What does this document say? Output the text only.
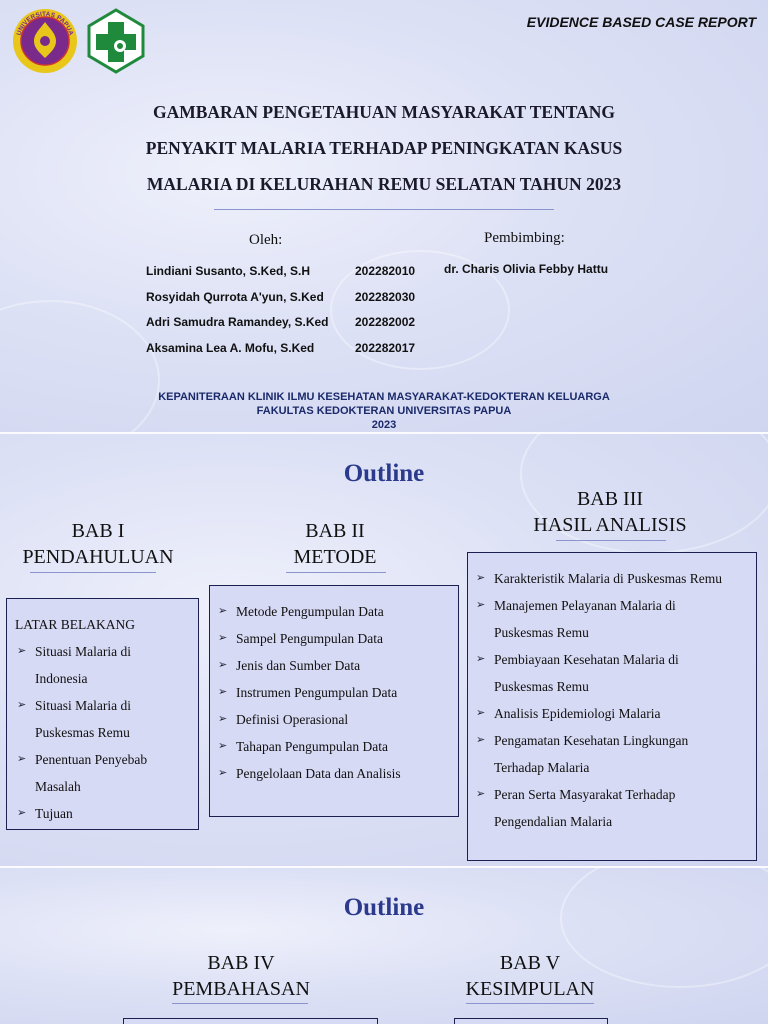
UNIVERSITAS PAPUA
EVIDENCE BASED CASE REPORT
GAMBARAN PENGETAHUAN MASYARAKAT TENTANG
PENYAKIT MALARIA TERHADAP PENINGKATAN KASUS
MALARIA DI KELURAHAN REMU SELATAN TAHUN 2023
Oleh:	Pembimbing:
Lindiani Susanto, S.Ked, S.H	202282010
Rosyidah Qurrota A'yun, S.Ked	202282030
Adri Samudra Ramandey, S.Ked 202282002
Aksamina Lea A. Mofu, S.Ked	202282017
dr. Charis Olivia Febby Hattu
KEPANITERAAN KLINIK ILMU KESEHATAN MASYARAKAT-KEDOKTERAN KELUARGA
FAKULTAS KEDOKTERAN UNIVERSITAS PAPUA
2023
Outline
BAB I
PENDAHULUAN
LATAR BELAKANG
➢ Situasi Malaria di
Indonesia
➢ Situasi Malaria di
Puskesmas Remu
➢ Penentuan Penyebab
Masalah
➢ Tujuan
BAB II
METODE
➢ Metode Pengumpulan Data
➢ Sampel Pengumpulan Data
➢ Jenis dan Sumber Data
➢ Instrumen Pengumpulan Data
➢ Definisi Operasional
➢ Tahapan Pengumpulan Data
➢ Pengelolaan Data dan Analisis
BAB III
HASIL ANALISIS
➢ Karakteristik Malaria di Puskesmas Remu
➢ Manajemen Pelayanan Malaria di
Puskesmas Remu
➢ Pembiayaan Kesehatan Malaria di
Puskesmas Remu
➢ Analisis Epidemiologi Malaria
➢ Pengamatan Kesehatan Lingkungan
Terhadap Malaria
➢ Peran Serta Masyarakat Terhadap
Pengendalian Malaria
Outline
BAB IV
PEMBAHASAN
BAB V
KESIMPULAN
